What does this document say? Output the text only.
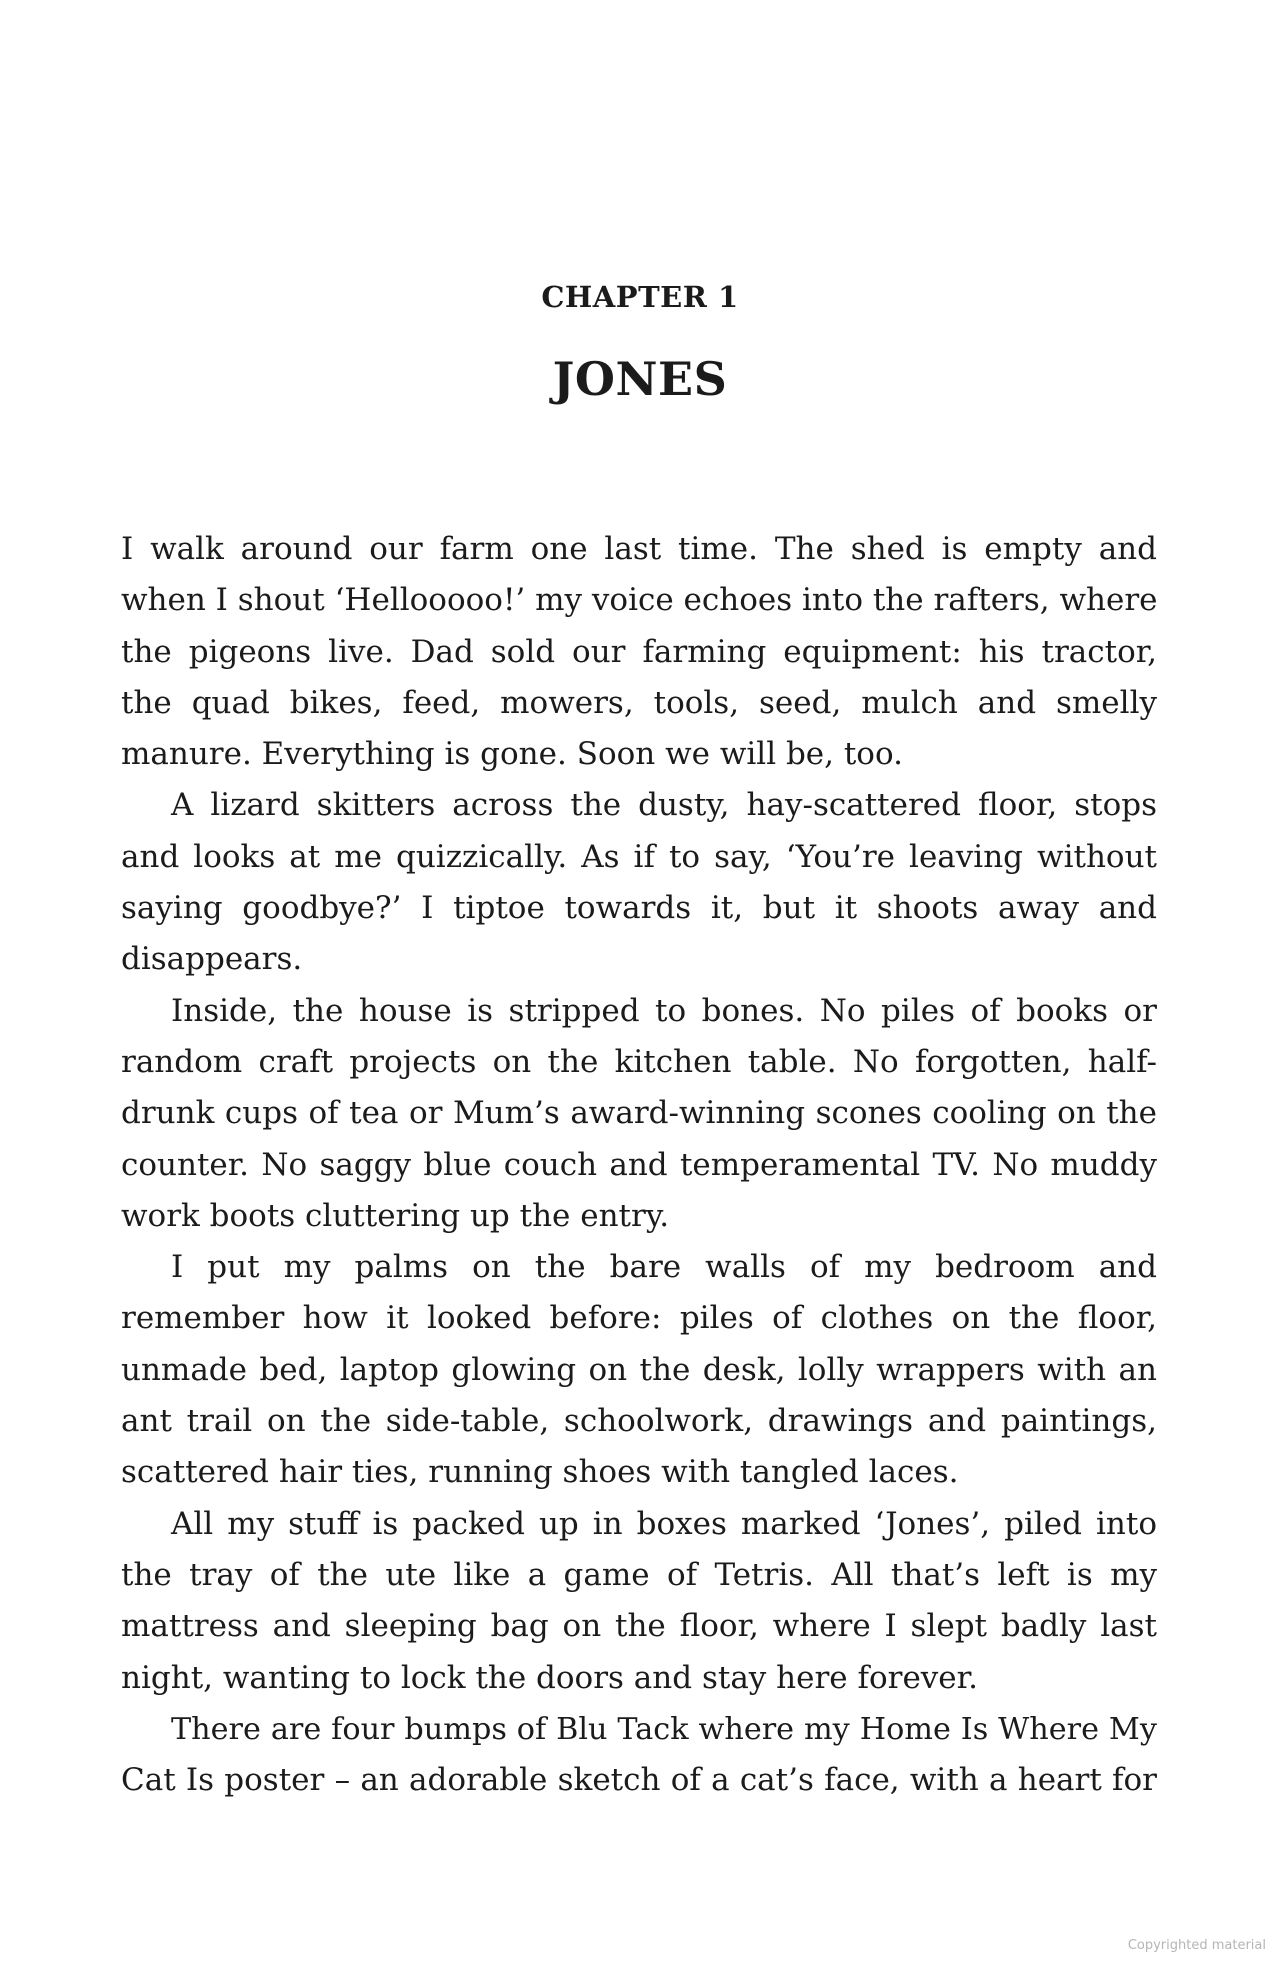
CHAPTER 1
JONES
I walk around our farm one last time. The shed is empty and
when I shout ‘Hellooooo!’ my voice echoes into the rafters, where
the pigeons live. Dad sold our farming equipment: his tractor,
the quad bikes, feed, mowers, tools, seed, mulch and smelly
manure. Everything is gone. Soon we will be, too.
A lizard skitters across the dusty, hay-scattered floor, stops
and looks at me quizzically. As if to say, ‘You’re leaving without
saying goodbye?’ I tiptoe towards it, but it shoots away and
disappears.
Inside, the house is stripped to bones. No piles of books or
random craft projects on the kitchen table. No forgotten, half-
drunk cups of tea or Mum’s award-winning scones cooling on the
counter. No saggy blue couch and temperamental TV. No muddy
work boots cluttering up the entry.
I put my palms on the bare walls of my bedroom and
remember how it looked before: piles of clothes on the floor,
unmade bed, laptop glowing on the desk, lolly wrappers with an
ant trail on the side-table, schoolwork, drawings and paintings,
scattered hair ties, running shoes with tangled laces.
All my stuff is packed up in boxes marked ‘Jones’, piled into
the tray of the ute like a game of Tetris. All that’s left is my
mattress and sleeping bag on the floor, where I slept badly last
night, wanting to lock the doors and stay here forever.
There are four bumps of Blu Tack where my Home Is Where My
Cat Is poster – an adorable sketch of a cat’s face, with a heart for
Copyrighted material
